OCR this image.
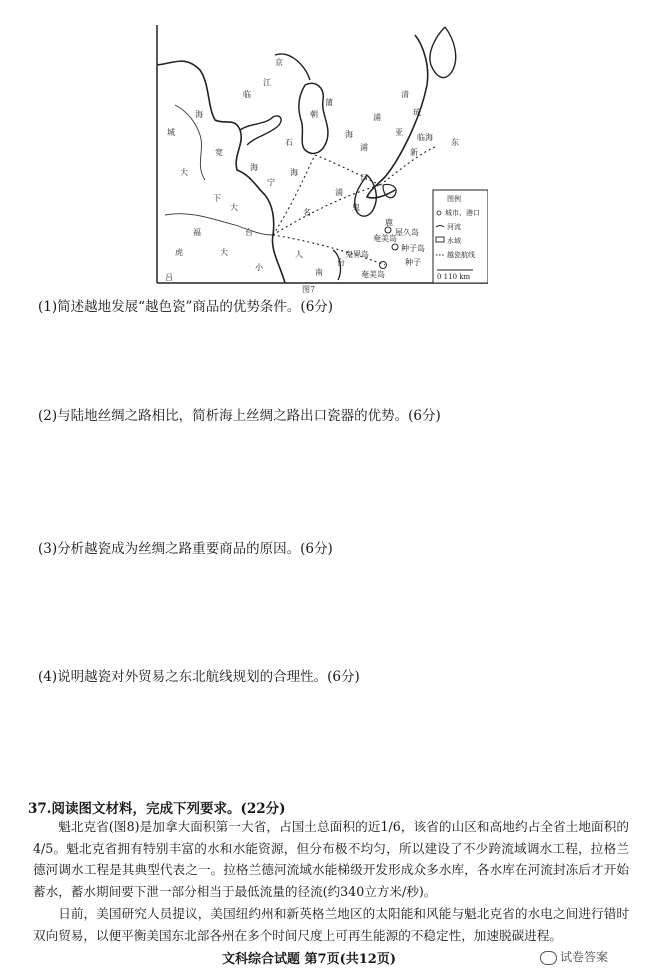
海
海
海
蒲
海
临
浦
清
浦
江
东
浦
新
鹿
大
名
福
台
南
朝
宽
京
宁
日
吕
琉
大
大
小
城
鬼
石
下
人
虎
亚
奄美岛
屋久岛
种子岛
临海
种子
鬼界岛
台
奄美岛
图例
城市、港口
河流
水域
越瓷航线
0 110 km
图7
(1)简述越地发展“越色瓷”商品的优势条件。(6分)
(2)与陆地丝绸之路相比，简析海上丝绸之路出口瓷器的优势。(6分)
(3)分析越瓷成为丝绸之路重要商品的原因。(6分)
(4)说明越瓷对外贸易之东北航线规划的合理性。(6分)
37.阅读图文材料，完成下列要求。(22分)
魁北克省(图8)是加拿大面积第一大省，占国土总面积的近1/6，该省的山区和高地约占全省土地面积的4/5。魁北克省拥有特别丰富的水和水能资源，但分布极不均匀，所以建设了不少跨流域调水工程，拉格兰德河调水工程是其典型代表之一。拉格兰德河流域水能梯级开发形成众多水库，各水库在河流封冻后才开始蓄水，蓄水期间要下泄一部分相当于最低流量的径流(约340立方米/秒)。
日前，美国研究人员提议，美国纽约州和新英格兰地区的太阳能和风能与魁北克省的水电之间进行错时双向贸易，以便平衡美国东北部各州在多个时间尺度上可再生能源的不稳定性，加速脱碳进程。
文科综合试题 第7页(共12页)	试卷答案
